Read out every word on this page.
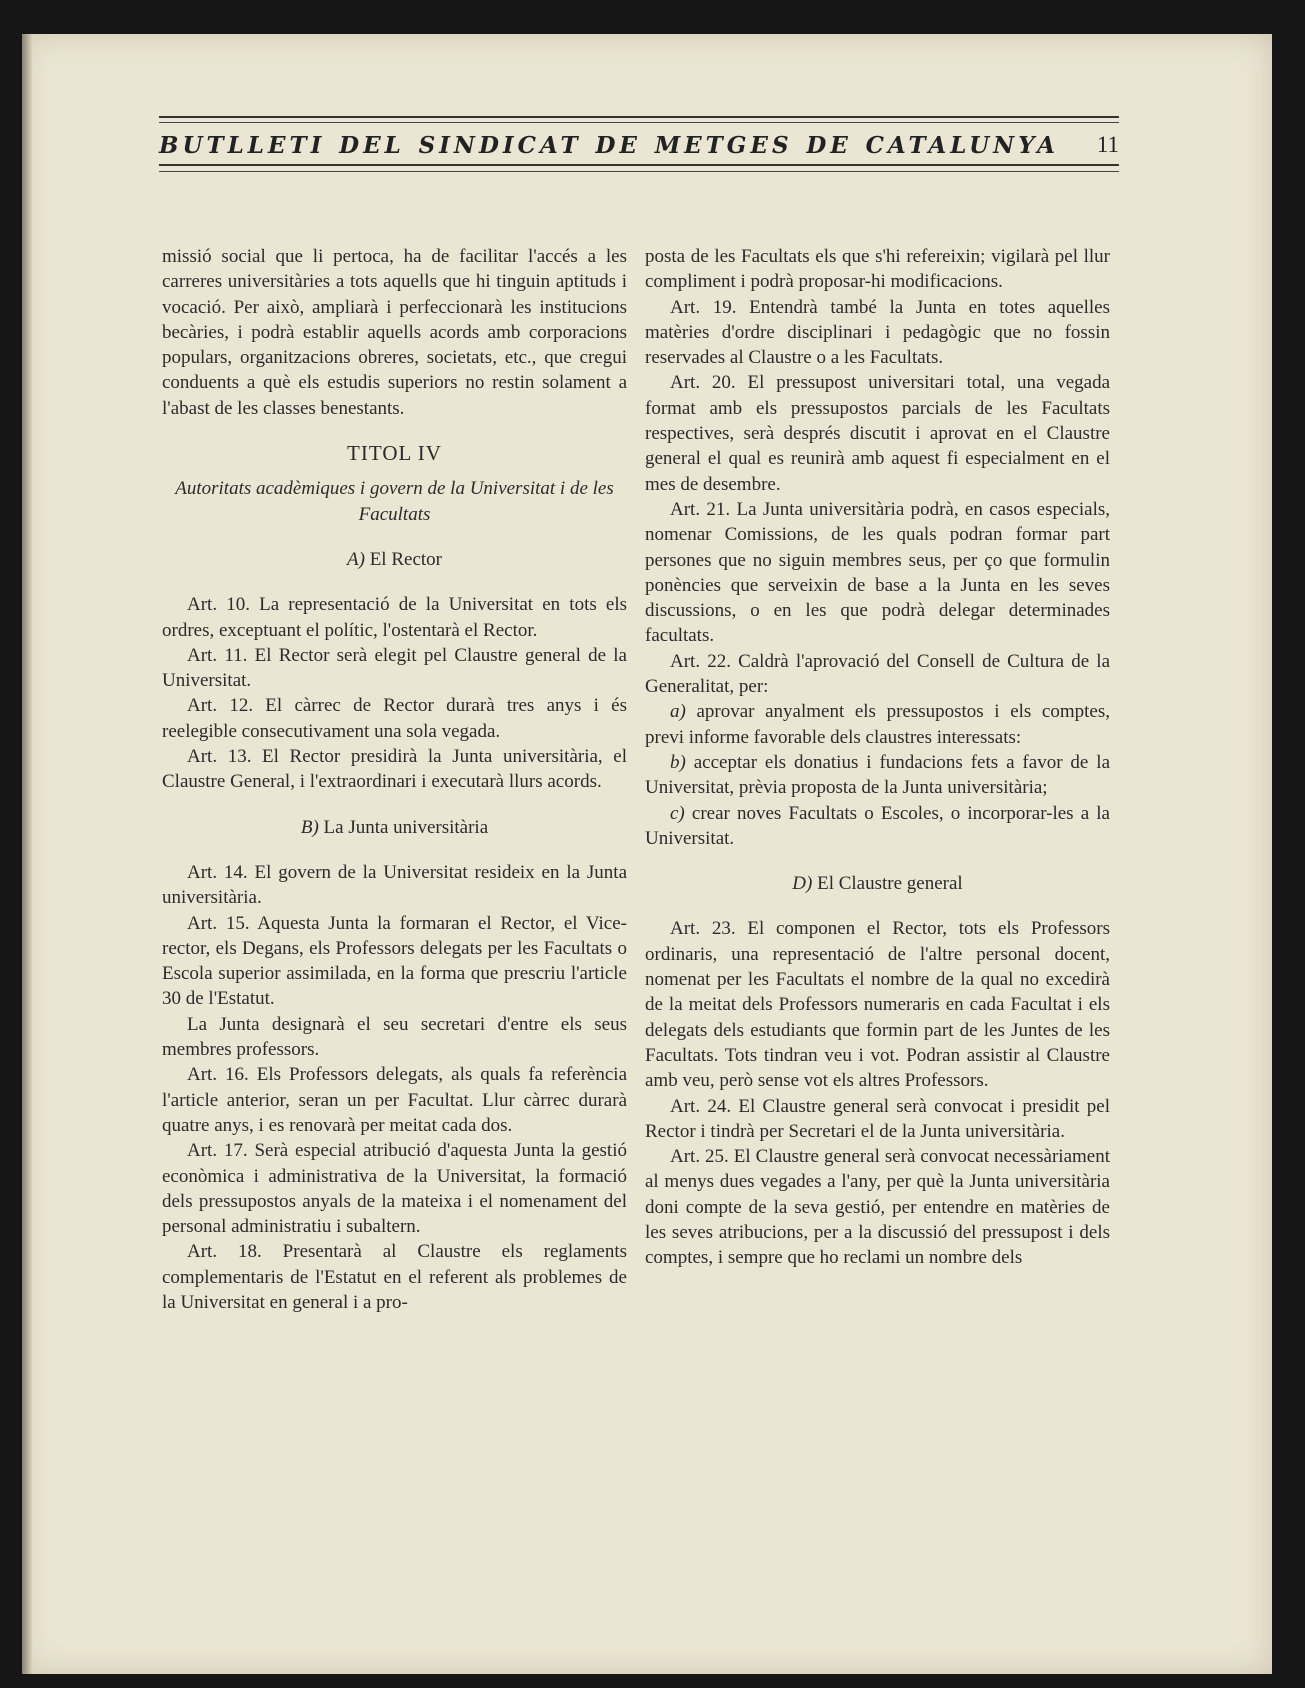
BUTLLETI DEL SINDICAT DE METGES DE CATALUNYA 11

missió social que li pertoca, ha de facilitar l'accés a les carreres universitàries a tots aquells que hi tinguin aptituds i vocació. Per això, ampliarà i perfeccionarà les institucions becàries, i podrà establir aquells acords amb corporacions populars, organitzacions obreres, societats, etc., que cregui conduents a què els estudis superiors no restin solament a l'abast de les classes benestants.

TITOL IV

Autoritats acadèmiques i govern de la Universitat i de les Facultats

A) El Rector

Art. 10. La representació de la Universitat en tots els ordres, exceptuant el polític, l'ostentarà el Rector.

Art. 11. El Rector serà elegit pel Claustre general de la Universitat.

Art. 12. El càrrec de Rector durarà tres anys i és reelegible consecutivament una sola vegada.

Art. 13. El Rector presidirà la Junta universitària, el Claustre General, i l'extraordinari i executarà llurs acords.

B) La Junta universitària

Art. 14. El govern de la Universitat resideix en la Junta universitària.

Art. 15. Aquesta Junta la formaran el Rector, el Vice-rector, els Degans, els Professors delegats per les Facultats o Escola superior assimilada, en la forma que prescriu l'article 30 de l'Estatut.

La Junta designarà el seu secretari d'entre els seus membres professors.

Art. 16. Els Professors delegats, als quals fa referència l'article anterior, seran un per Facultat. Llur càrrec durarà quatre anys, i es renovarà per meitat cada dos.

Art. 17. Serà especial atribució d'aquesta Junta la gestió econòmica i administrativa de la Universitat, la formació dels pressupostos anyals de la mateixa i el nomenament del personal administratiu i subaltern.

Art. 18. Presentarà al Claustre els reglaments complementaris de l'Estatut en el referent als problemes de la Universitat en general i a pro-

posta de les Facultats els que s'hi refereixin; vigilarà pel llur compliment i podrà proposar-hi modificacions.

Art. 19. Entendrà també la Junta en totes aquelles matèries d'ordre disciplinari i pedagògic que no fossin reservades al Claustre o a les Facultats.

Art. 20. El pressupost universitari total, una vegada format amb els pressupostos parcials de les Facultats respectives, serà després discutit i aprovat en el Claustre general el qual es reunirà amb aquest fi especialment en el mes de desembre.

Art. 21. La Junta universitària podrà, en casos especials, nomenar Comissions, de les quals podran formar part persones que no siguin membres seus, per ço que formulin ponències que serveixin de base a la Junta en les seves discussions, o en les que podrà delegar determinades facultats.

Art. 22. Caldrà l'aprovació del Consell de Cultura de la Generalitat, per:

a) aprovar anyalment els pressupostos i els comptes, previ informe favorable dels claustres interessats:

b) acceptar els donatius i fundacions fets a favor de la Universitat, prèvia proposta de la Junta universitària;

c) crear noves Facultats o Escoles, o incorporar-les a la Universitat.

D) El Claustre general

Art. 23. El componen el Rector, tots els Professors ordinaris, una representació de l'altre personal docent, nomenat per les Facultats el nombre de la qual no excedirà de la meitat dels Professors numeraris en cada Facultat i els delegats dels estudiants que formin part de les Juntes de les Facultats. Tots tindran veu i vot. Podran assistir al Claustre amb veu, però sense vot els altres Professors.

Art. 24. El Claustre general serà convocat i presidit pel Rector i tindrà per Secretari el de la Junta universitària.

Art. 25. El Claustre general serà convocat necessàriament al menys dues vegades a l'any, per què la Junta universitària doni compte de la seva gestió, per entendre en matèries de les seves atribucions, per a la discussió del pressupost i dels comptes, i sempre que ho reclami un nombre dels
